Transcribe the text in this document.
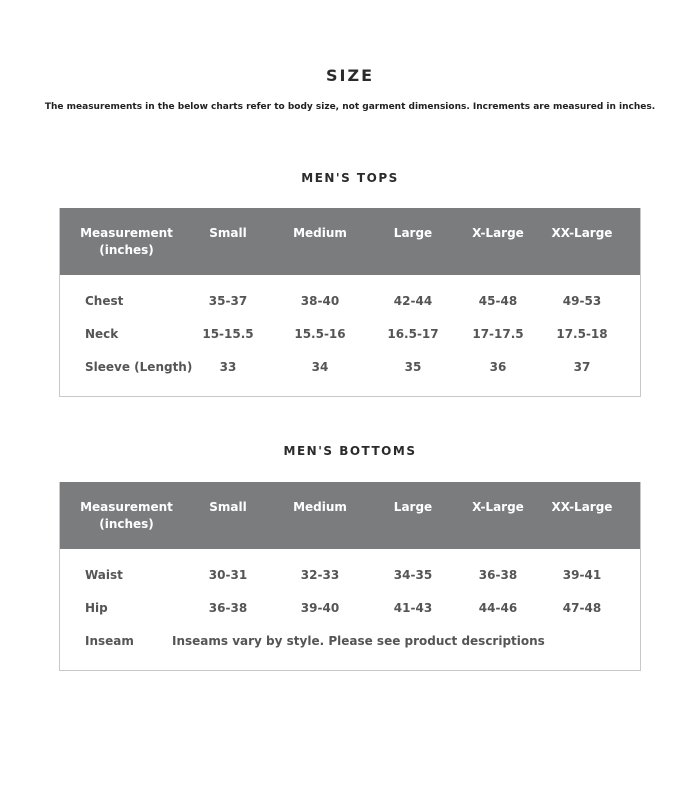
SIZE
The measurements in the below charts refer to body size, not garment dimensions. Increments are measured in inches.
MEN'S TOPS
Measurement
(inches)
Small	Medium	Large	X-Large	XX-Large
Chest	35-37	38-40	42-44	45-48	49-53
Neck	15-15.5	15.5-16	16.5-17	17-17.5	17.5-18
Sleeve (Length)	33	34	35	36	37
MEN'S BOTTOMS
Measurement
(inches)
Small	Medium	Large	X-Large	XX-Large
Waist	30-31	32-33	34-35	36-38	39-41
Hip	36-38	39-40	41-43	44-46	47-48
Inseam	Inseams vary by style. Please see product descriptions
